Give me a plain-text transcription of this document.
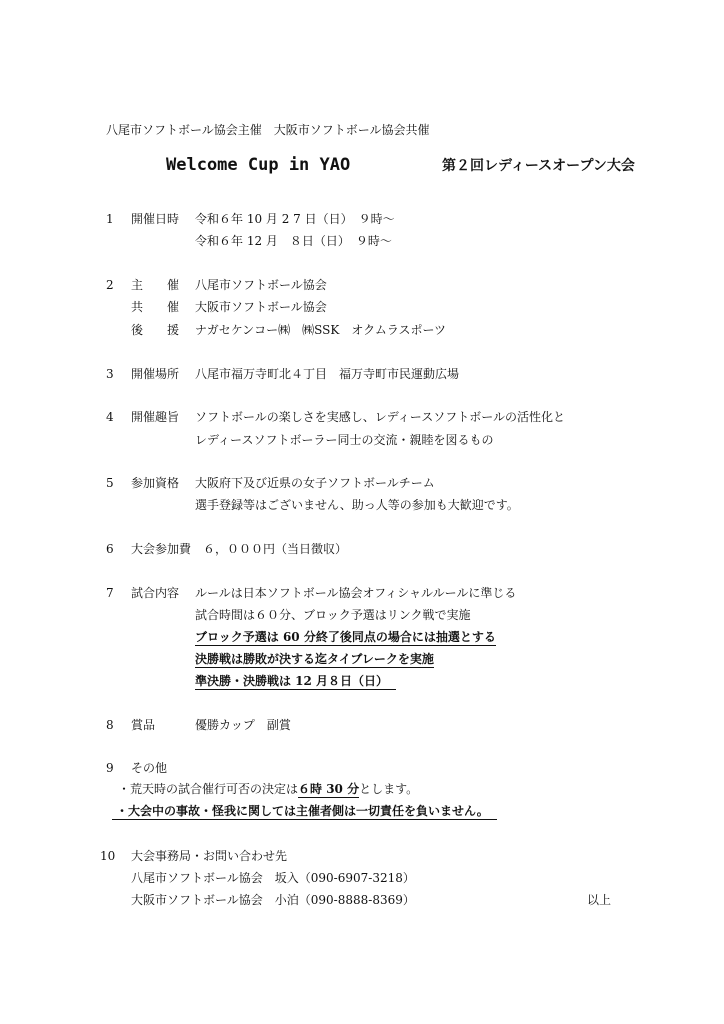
八尾市ソフトボール協会主催　大阪市ソフトボール協会共催
Welcome Cup in YAO	第２回レディースオープン大会
1 開催日時 令和６年 10 月 2 7 日（日）　９時〜
令和６年 12 月　８日（日）　９時〜
2 主　　催 八尾市ソフトボール協会
共　　催 大阪市ソフトボール協会
後　　援 ナガセケンコー㈱　㈱SSK　オクムラスポーツ
3 開催場所 八尾市福万寺町北４丁目　福万寺町市民運動広場
4 開催趣旨 ソフトボールの楽しさを実感し、レディースソフトボールの活性化と
レディースソフトボーラー同士の交流・親睦を図るもの
5 参加資格 大阪府下及び近県の女子ソフトボールチーム
選手登録等はございません、助っ人等の参加も大歓迎です。
6 大会参加費　６，０００円（当日徴収）
7 試合内容 ルールは日本ソフトボール協会オフィシャルルールに準じる
試合時間は６０分、ブロック予選はリンク戦で実施
ブロック予選は 60 分終了後同点の場合には抽選とする
決勝戦は勝敗が決する迄タイブレークを実施
準決勝・決勝戦は 12 月８日（日）
8 賞品	優勝カップ　副賞
9 その他
・荒天時の試合催行可否の決定は６時 30 分とします。
・大会中の事故・怪我に関しては主催者側は一切責任を負いません。
10 大会事務局・お問い合わせ先
八尾市ソフトボール協会　坂入（090-6907-3218）
大阪市ソフトボール協会　小泊（090-8888-8369）	以上
